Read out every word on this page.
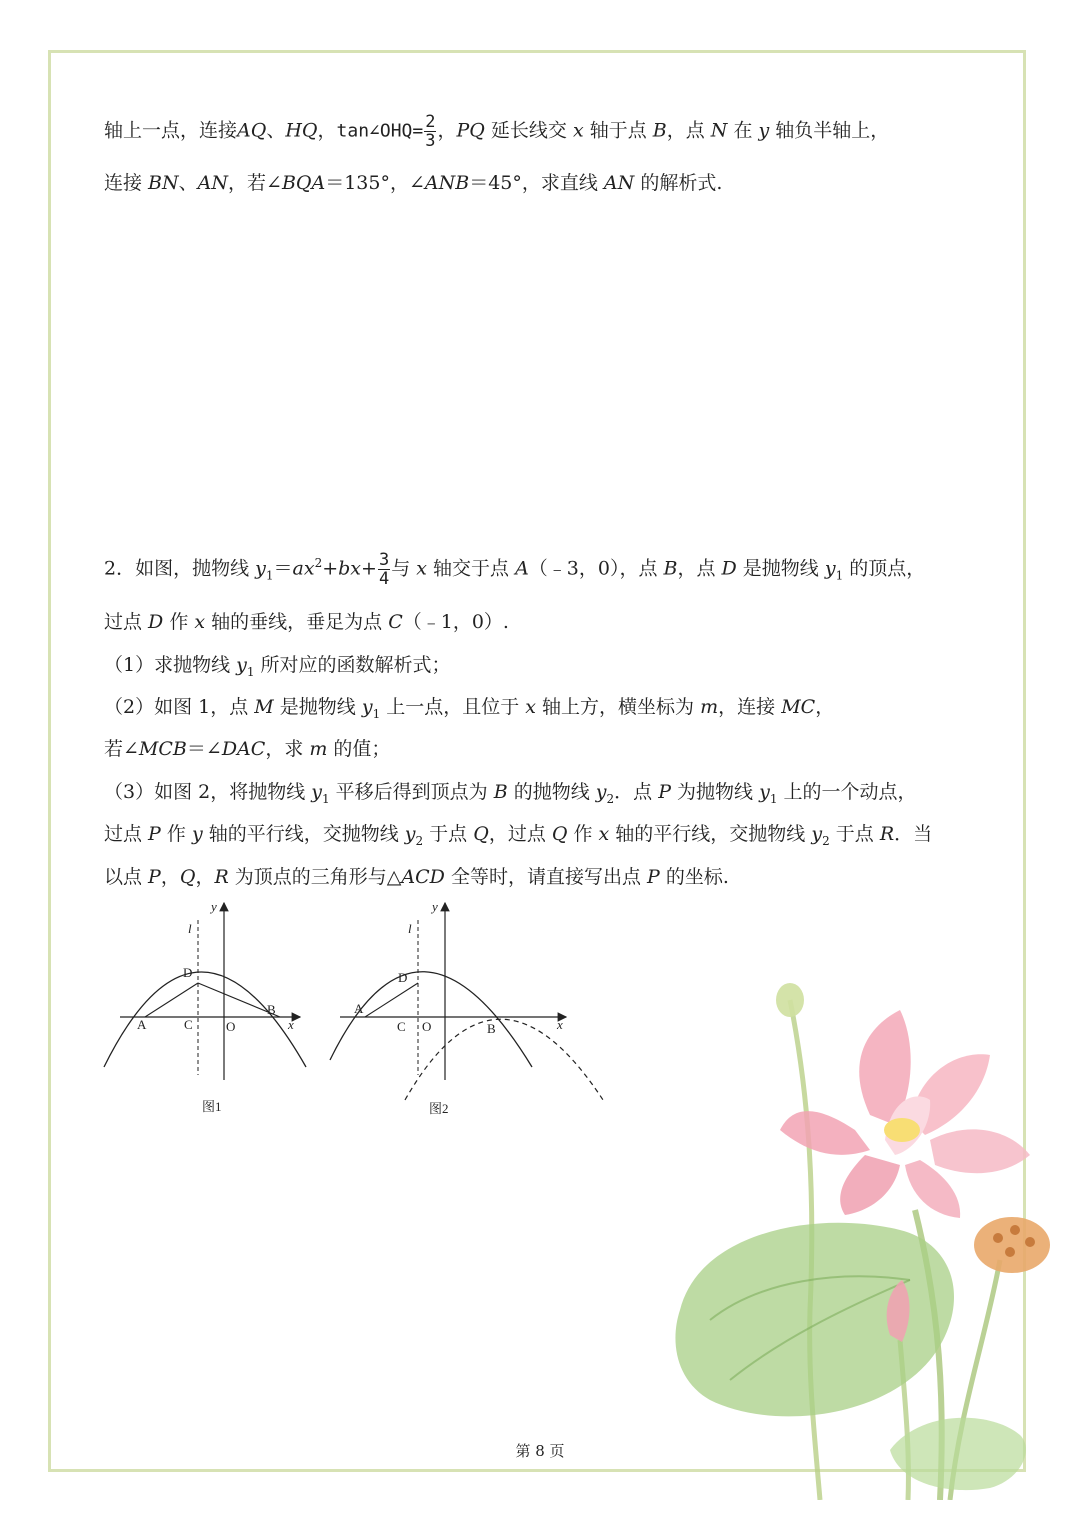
轴上一点，连接AQ、HQ，tan∠OHQ= $\frac{2}{3}$ ，PQ 延长线交 x 轴于点 B，点 N 在 y 轴负半轴上，
连接 BN、AN，若∠BQA＝135°，∠ANB＝45°，求直线 AN 的解析式.
2．如图，抛物线 $y_1=ax^2+bx+ \frac{3}{4}$ 与 x 轴交于点 A（﹣3，0），点 B，点 D 是抛物线 $y_1$ 的顶点，
过点 D 作 x 轴的垂线，垂足为点 C（﹣1，0）.
（1）求抛物线 $y_1$ 所对应的函数解析式；
（2）如图 1，点 M 是抛物线 $y_1$ 上一点，且位于 x 轴上方，横坐标为 m，连接 MC，
若∠MCB＝∠DAC，求 m 的值；
（3）如图 2，将抛物线 $y_1$ 平移后得到顶点为 B 的抛物线 $y_2$．点 P 为抛物线 $y_1$ 上的一个动点，
过点 P 作 y 轴的平行线，交抛物线 $y_2$ 于点 Q，过点 Q 作 x 轴的平行线，交抛物线 $y_2$ 于点 R．当
以点 P，Q，R 为顶点的三角形与△ACD 全等时，请直接写出点 P 的坐标.
y
l
D
A	C	O
B
x
图1
y
l
D
A
C O	B	x
图2
第 8 页
